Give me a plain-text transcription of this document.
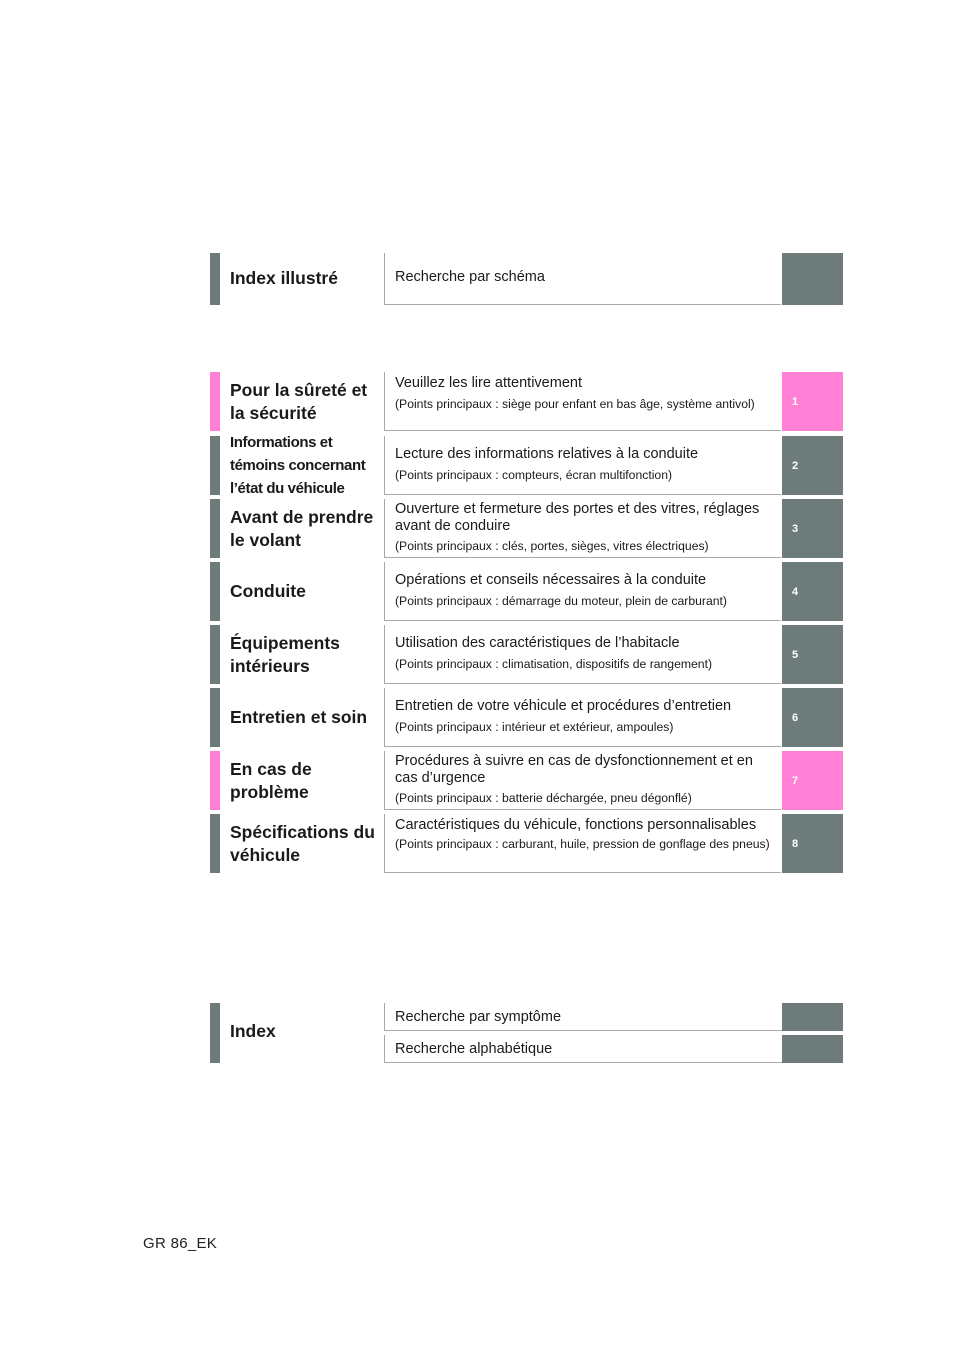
Index illustré	Recherche par schéma
Pour la sûreté et la sécurité
Veuillez les lire attentivement
(Points principaux : siège pour enfant en bas âge, système antivol)	1
Informations et témoins concernant l’état du véhicule
Lecture des informations relatives à la conduite
(Points principaux : compteurs, écran multifonction)
2
Avant de prendre le volant
Ouverture et fermeture des portes et des vitres, réglages avant de conduire
(Points principaux : clés, portes, sièges, vitres électriques)
3
Conduite
Opérations et conseils nécessaires à la conduite
(Points principaux : démarrage du moteur, plein de carburant)
4
Équipements intérieurs
Utilisation des caractéristiques de l’habitacle
(Points principaux : climatisation, dispositifs de rangement)
5
Entretien et soin
Entretien de votre véhicule et procédures d’entretien
(Points principaux : intérieur et extérieur, ampoules)
6
En cas de problème
Procédures à suivre en cas de dysfonctionnement et en cas d’urgence
(Points principaux : batterie déchargée, pneu dégonflé)
7
Spécifications du véhicule
Caractéristiques du véhicule, fonctions personnalisables
(Points principaux : carburant, huile, pression de gonflage des pneus) 8
Index
Recherche par symptôme
Recherche alphabétique
GR 86_EK
